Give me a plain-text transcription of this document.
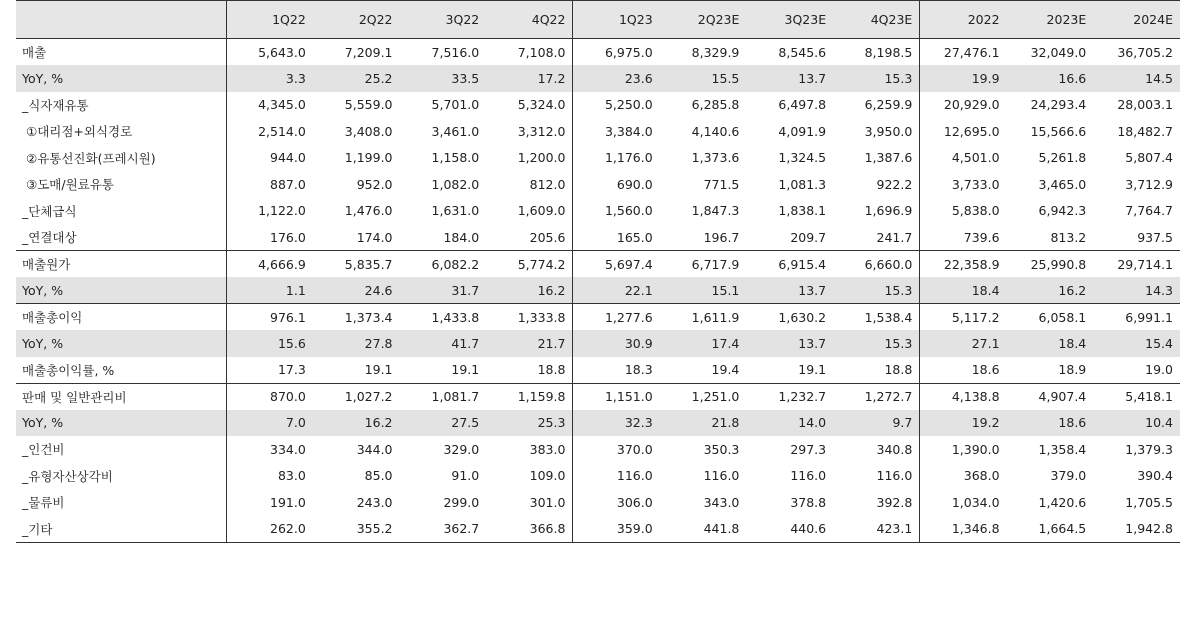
	1Q22	2Q22	3Q22	4Q22	1Q23	2Q23E	3Q23E	4Q23E	2022	2023E	2024E
매출	5,643.0	7,209.1	7,516.0	7,108.0	6,975.0	8,329.9	8,545.6	8,198.5	27,476.1	32,049.0	36,705.2
YoY, %	3.3	25.2	33.5	17.2	23.6	15.5	13.7	15.3	19.9	16.6	14.5
_식자재유통	4,345.0	5,559.0	5,701.0	5,324.0	5,250.0	6,285.8	6,497.8	6,259.9	20,929.0	24,293.4	28,003.1
①대리점+외식경로	2,514.0	3,408.0	3,461.0	3,312.0	3,384.0	4,140.6	4,091.9	3,950.0	12,695.0	15,566.6	18,482.7
②유통선진화(프레시원)	944.0	1,199.0	1,158.0	1,200.0	1,176.0	1,373.6	1,324.5	1,387.6	4,501.0	5,261.8	5,807.4
③도매/원료유통	887.0	952.0	1,082.0	812.0	690.0	771.5	1,081.3	922.2	3,733.0	3,465.0	3,712.9
_단체급식	1,122.0	1,476.0	1,631.0	1,609.0	1,560.0	1,847.3	1,838.1	1,696.9	5,838.0	6,942.3	7,764.7
_연결대상	176.0	174.0	184.0	205.6	165.0	196.7	209.7	241.7	739.6	813.2	937.5
매출원가	4,666.9	5,835.7	6,082.2	5,774.2	5,697.4	6,717.9	6,915.4	6,660.0	22,358.9	25,990.8	29,714.1
YoY, %	1.1	24.6	31.7	16.2	22.1	15.1	13.7	15.3	18.4	16.2	14.3
매출총이익	976.1	1,373.4	1,433.8	1,333.8	1,277.6	1,611.9	1,630.2	1,538.4	5,117.2	6,058.1	6,991.1
YoY, %	15.6	27.8	41.7	21.7	30.9	17.4	13.7	15.3	27.1	18.4	15.4
매출총이익률, %	17.3	19.1	19.1	18.8	18.3	19.4	19.1	18.8	18.6	18.9	19.0
판매 및 일반관리비	870.0	1,027.2	1,081.7	1,159.8	1,151.0	1,251.0	1,232.7	1,272.7	4,138.8	4,907.4	5,418.1
YoY, %	7.0	16.2	27.5	25.3	32.3	21.8	14.0	9.7	19.2	18.6	10.4
_인건비	334.0	344.0	329.0	383.0	370.0	350.3	297.3	340.8	1,390.0	1,358.4	1,379.3
_유형자산상각비	83.0	85.0	91.0	109.0	116.0	116.0	116.0	116.0	368.0	379.0	390.4
_물류비	191.0	243.0	299.0	301.0	306.0	343.0	378.8	392.8	1,034.0	1,420.6	1,705.5
_기타	262.0	355.2	362.7	366.8	359.0	441.8	440.6	423.1	1,346.8	1,664.5	1,942.8
